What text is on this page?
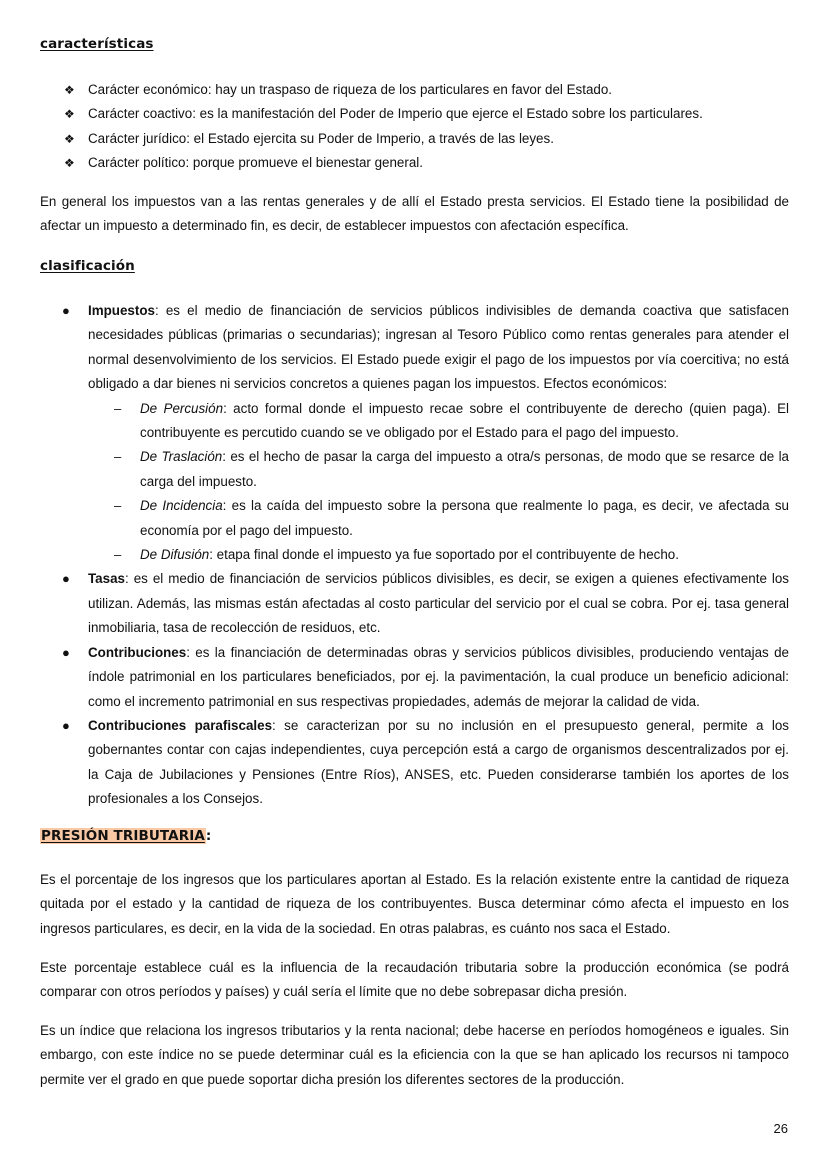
características
❖ Carácter económico: hay un traspaso de riqueza de los particulares en favor del Estado.
❖ Carácter coactivo: es la manifestación del Poder de Imperio que ejerce el Estado sobre los particulares.
❖ Carácter jurídico: el Estado ejercita su Poder de Imperio, a través de las leyes.
❖ Carácter político: porque promueve el bienestar general.

En general los impuestos van a las rentas generales y de allí el Estado presta servicios. El Estado tiene la posibilidad de afectar un impuesto a determinado fin, es decir, de establecer impuestos con afectación específica.

clasificación
● Impuestos: es el medio de financiación de servicios públicos indivisibles de demanda coactiva que satisfacen necesidades públicas (primarias o secundarias); ingresan al Tesoro Público como rentas generales para atender el normal desenvolvimiento de los servicios. El Estado puede exigir el pago de los impuestos por vía coercitiva; no está obligado a dar bienes ni servicios concretos a quienes pagan los impuestos. Efectos económicos:
– De Percusión: acto formal donde el impuesto recae sobre el contribuyente de derecho (quien paga). El contribuyente es percutido cuando se ve obligado por el Estado para el pago del impuesto.
– De Traslación: es el hecho de pasar la carga del impuesto a otra/s personas, de modo que se resarce de la carga del impuesto.
– De Incidencia: es la caída del impuesto sobre la persona que realmente lo paga, es decir, ve afectada su economía por el pago del impuesto.
– De Difusión: etapa final donde el impuesto ya fue soportado por el contribuyente de hecho.
● Tasas: es el medio de financiación de servicios públicos divisibles, es decir, se exigen a quienes efectivamente los utilizan. Además, las mismas están afectadas al costo particular del servicio por el cual se cobra. Por ej. tasa general inmobiliaria, tasa de recolección de residuos, etc.
● Contribuciones: es la financiación de determinadas obras y servicios públicos divisibles, produciendo ventajas de índole patrimonial en los particulares beneficiados, por ej. la pavimentación, la cual produce un beneficio adicional: como el incremento patrimonial en sus respectivas propiedades, además de mejorar la calidad de vida.
● Contribuciones parafiscales: se caracterizan por su no inclusión en el presupuesto general, permite a los gobernantes contar con cajas independientes, cuya percepción está a cargo de organismos descentralizados por ej. la Caja de Jubilaciones y Pensiones (Entre Ríos), ANSES, etc. Pueden considerarse también los aportes de los profesionales a los Consejos.
PRESIÓN TRIBUTARIA:

Es el porcentaje de los ingresos que los particulares aportan al Estado. Es la relación existente entre la cantidad de riqueza quitada por el estado y la cantidad de riqueza de los contribuyentes. Busca determinar cómo afecta el impuesto en los ingresos particulares, es decir, en la vida de la sociedad. En otras palabras, es cuánto nos saca el Estado.

Este porcentaje establece cuál es la influencia de la recaudación tributaria sobre la producción económica (se podrá comparar con otros períodos y países) y cuál sería el límite que no debe sobrepasar dicha presión.

Es un índice que relaciona los ingresos tributarios y la renta nacional; debe hacerse en períodos homogéneos e iguales. Sin embargo, con este índice no se puede determinar cuál es la eficiencia con la que se han aplicado los recursos ni tampoco permite ver el grado en que puede soportar dicha presión los diferentes sectores de la producción.

26
